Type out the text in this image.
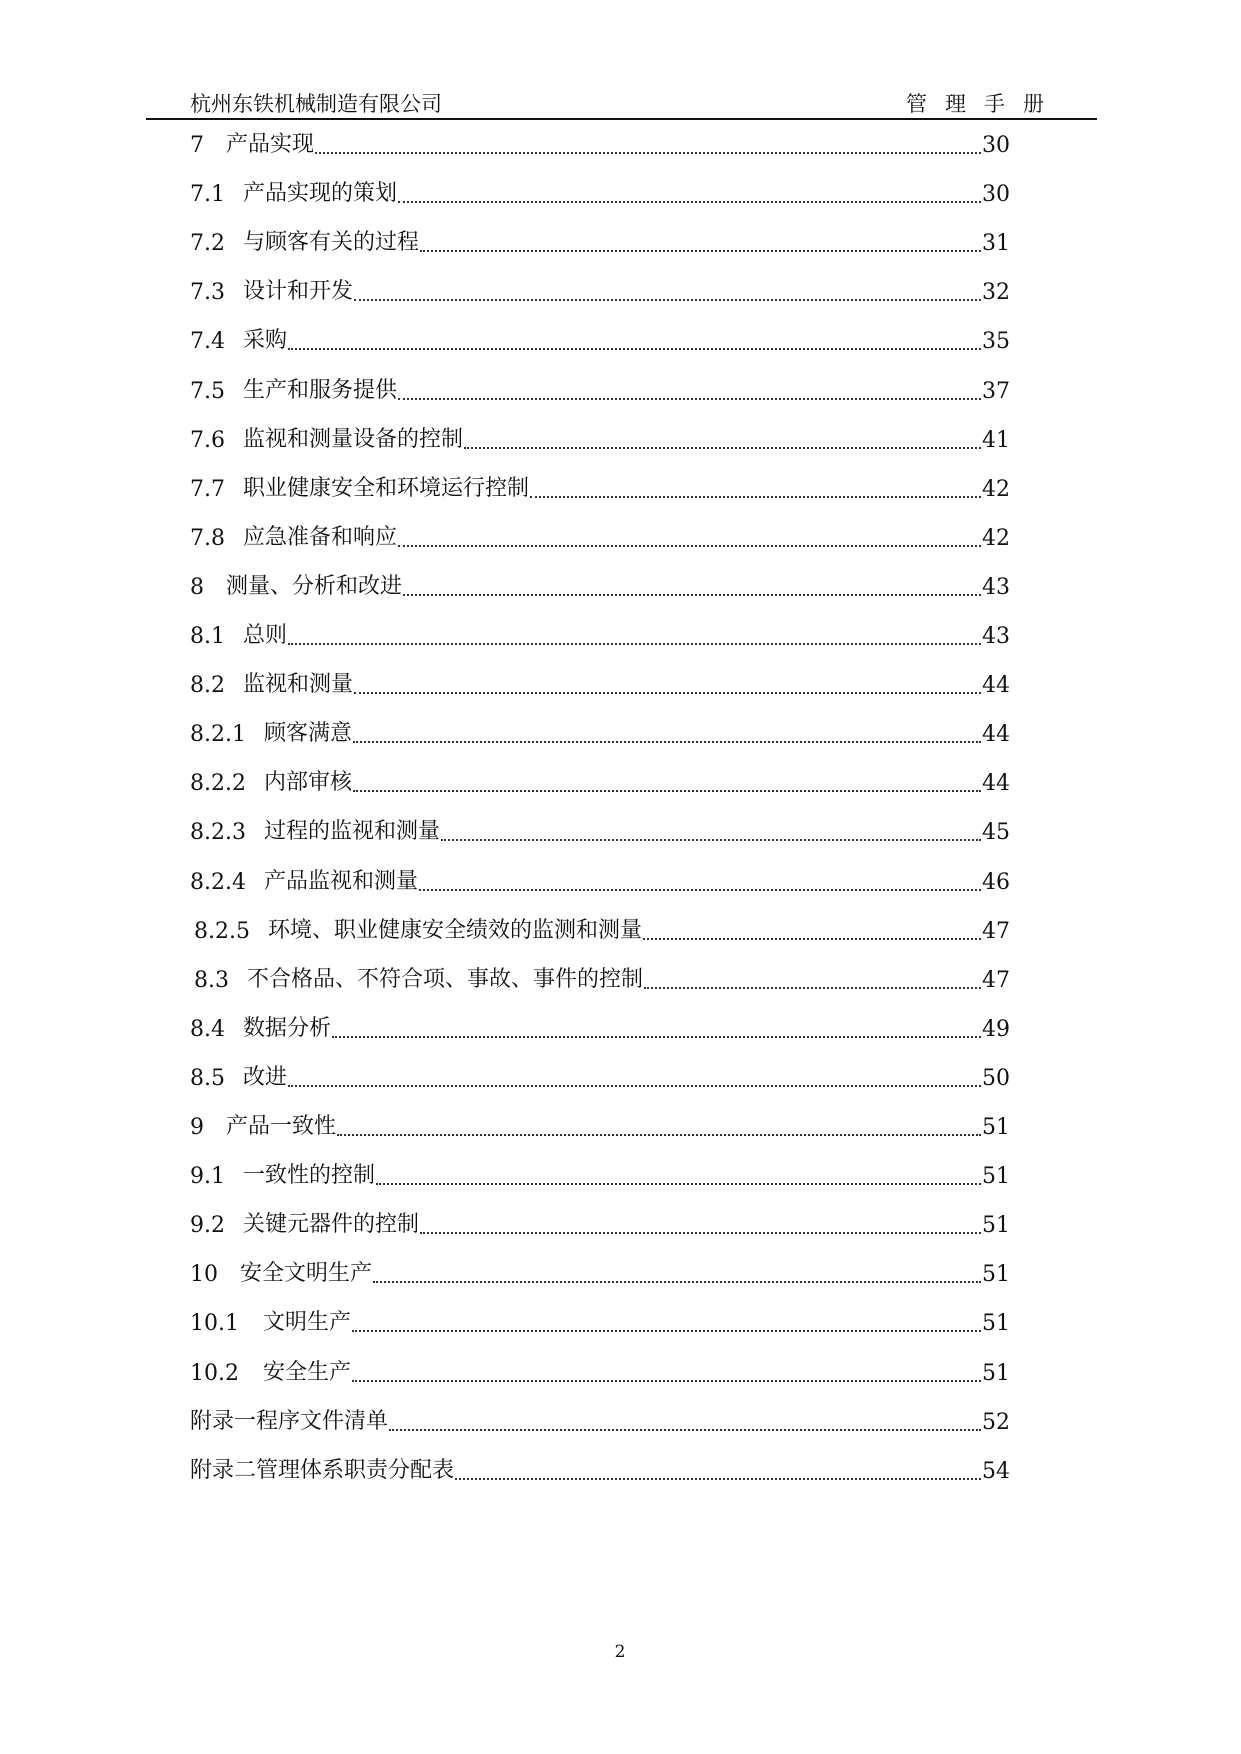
杭州东铁机械制造有限公司	管理手册
7 产品实现	30
7.1 产品实现的策划	30
7.2 与顾客有关的过程	31
7.3 设计和开发	32
7.4 采购	35
7.5 生产和服务提供	37
7.6 监视和测量设备的控制	41
7.7 职业健康安全和环境运行控制	42
7.8 应急准备和响应	42
8 测量、分析和改进	43
8.1 总则	43
8.2 监视和测量	44
8.2.1 顾客满意	44
8.2.2 内部审核	44
8.2.3 过程的监视和测量	45
8.2.4 产品监视和测量	46
8.2.5 环境、职业健康安全绩效的监测和测量	47
8.3 不合格品、不符合项、事故、事件的控制	47
8.4 数据分析	49
8.5 改进	50
9 产品一致性	51
9.1 一致性的控制	51
9.2 关键元器件的控制	51
10 安全文明生产	51
10.1 文明生产	51
10.2 安全生产	51
附录一程序文件清单	52
附录二管理体系职责分配表	54
2
